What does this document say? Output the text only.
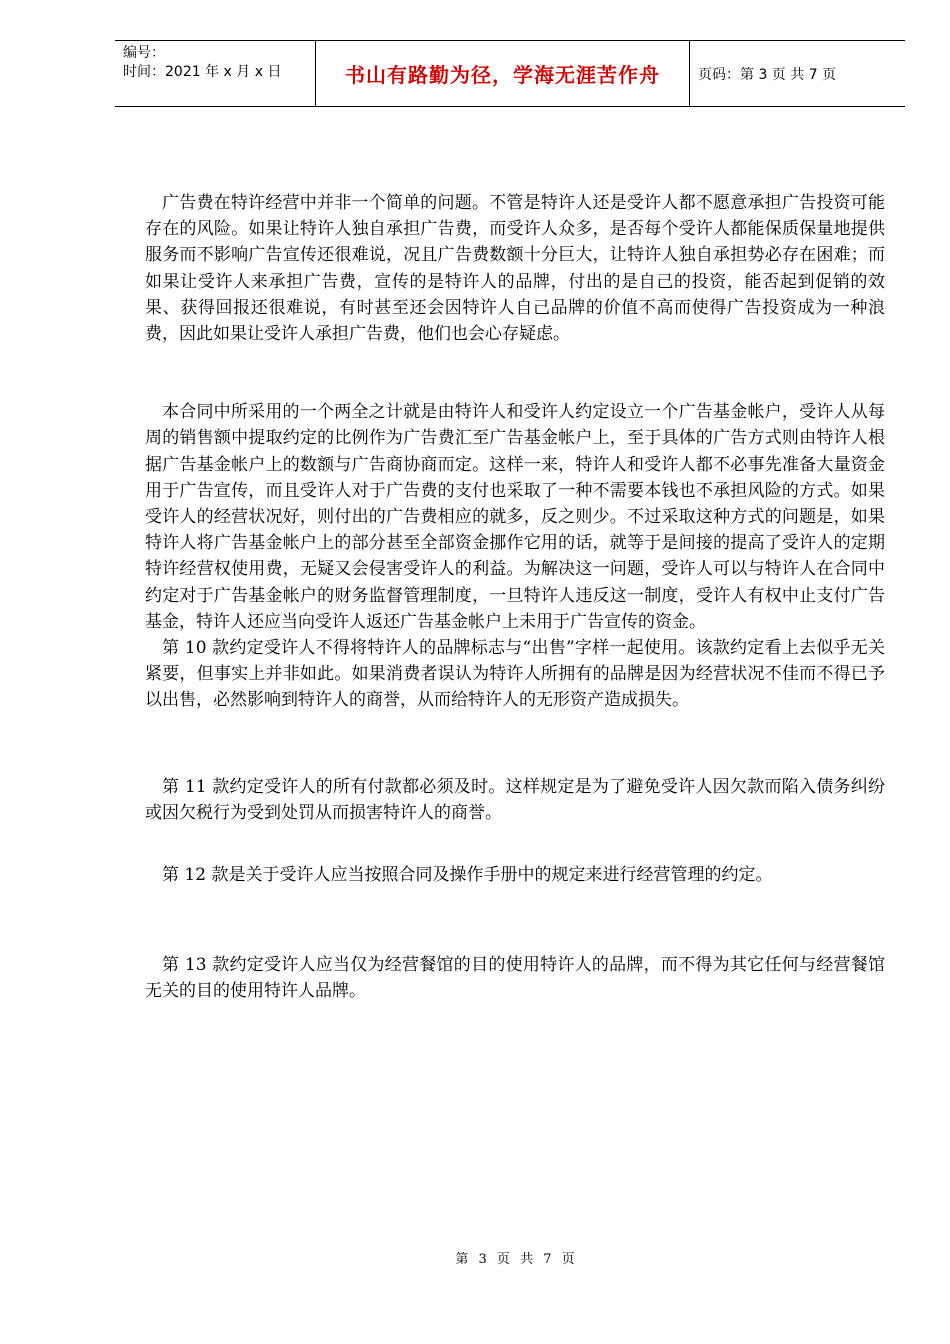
编号：
时间：2021 年 x 月 x 日	书山有路勤为径，学海无涯苦作舟	页码：第 3 页 共 7 页

广告费在特许经营中并非一个简单的问题。不管是特许人还是受许人都不愿意承担广告投资可能存在的风险。如果让特许人独自承担广告费，而受许人众多，是否每个受许人都能保质保量地提供服务而不影响广告宣传还很难说，况且广告费数额十分巨大，让特许人独自承担势必存在困难；而如果让受许人来承担广告费，宣传的是特许人的品牌，付出的是自己的投资，能否起到促销的效果、获得回报还很难说，有时甚至还会因特许人自己品牌的价值不高而使得广告投资成为一种浪费，因此如果让受许人承担广告费，他们也会心存疑虑。

本合同中所采用的一个两全之计就是由特许人和受许人约定设立一个广告基金帐户，受许人从每周的销售额中提取约定的比例作为广告费汇至广告基金帐户上，至于具体的广告方式则由特许人根据广告基金帐户上的数额与广告商协商而定。这样一来，特许人和受许人都不必事先准备大量资金用于广告宣传，而且受许人对于广告费的支付也采取了一种不需要本钱也不承担风险的方式。如果受许人的经营状况好，则付出的广告费相应的就多，反之则少。不过采取这种方式的问题是，如果特许人将广告基金帐户上的部分甚至全部资金挪作它用的话，就等于是间接的提高了受许人的定期特许经营权使用费，无疑又会侵害受许人的利益。为解决这一问题，受许人可以与特许人在合同中约定对于广告基金帐户的财务监督管理制度，一旦特许人违反这一制度，受许人有权中止支付广告基金，特许人还应当向受许人返还广告基金帐户上未用于广告宣传的资金。

第 10 款约定受许人不得将特许人的品牌标志与“出售”字样一起使用。该款约定看上去似乎无关紧要，但事实上并非如此。如果消费者误认为特许人所拥有的品牌是因为经营状况不佳而不得已予以出售，必然影响到特许人的商誉，从而给特许人的无形资产造成损失。

第 11 款约定受许人的所有付款都必须及时。这样规定是为了避免受许人因欠款而陷入债务纠纷或因欠税行为受到处罚从而损害特许人的商誉。

第 12 款是关于受许人应当按照合同及操作手册中的规定来进行经营管理的约定。

第 13 款约定受许人应当仅为经营餐馆的目的使用特许人的品牌，而不得为其它任何与经营餐馆无关的目的使用特许人品牌。

第 3 页 共 7 页
